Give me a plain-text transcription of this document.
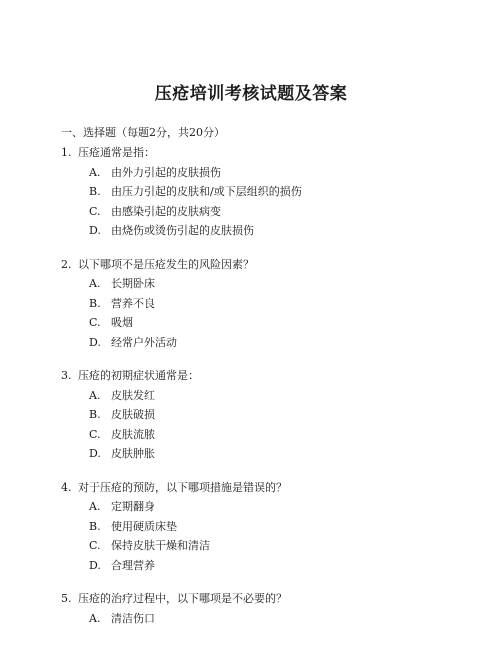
压疮培训考核试题及答案

一、选择题（每题2分，共20分）

1. 压疮通常是指：

A. 由外力引起的皮肤损伤
B. 由压力引起的皮肤和/或下层组织的损伤
C. 由感染引起的皮肤病变
D. 由烧伤或烫伤引起的皮肤损伤

2. 以下哪项不是压疮发生的风险因素？

A. 长期卧床
B. 营养不良
C. 吸烟
D. 经常户外活动

3. 压疮的初期症状通常是：

A. 皮肤发红
B. 皮肤破损
C. 皮肤流脓
D. 皮肤肿胀

4. 对于压疮的预防，以下哪项措施是错误的？

A. 定期翻身
B. 使用硬质床垫
C. 保持皮肤干燥和清洁
D. 合理营养

5. 压疮的治疗过程中，以下哪项是不必要的？

A. 清洁伤口
